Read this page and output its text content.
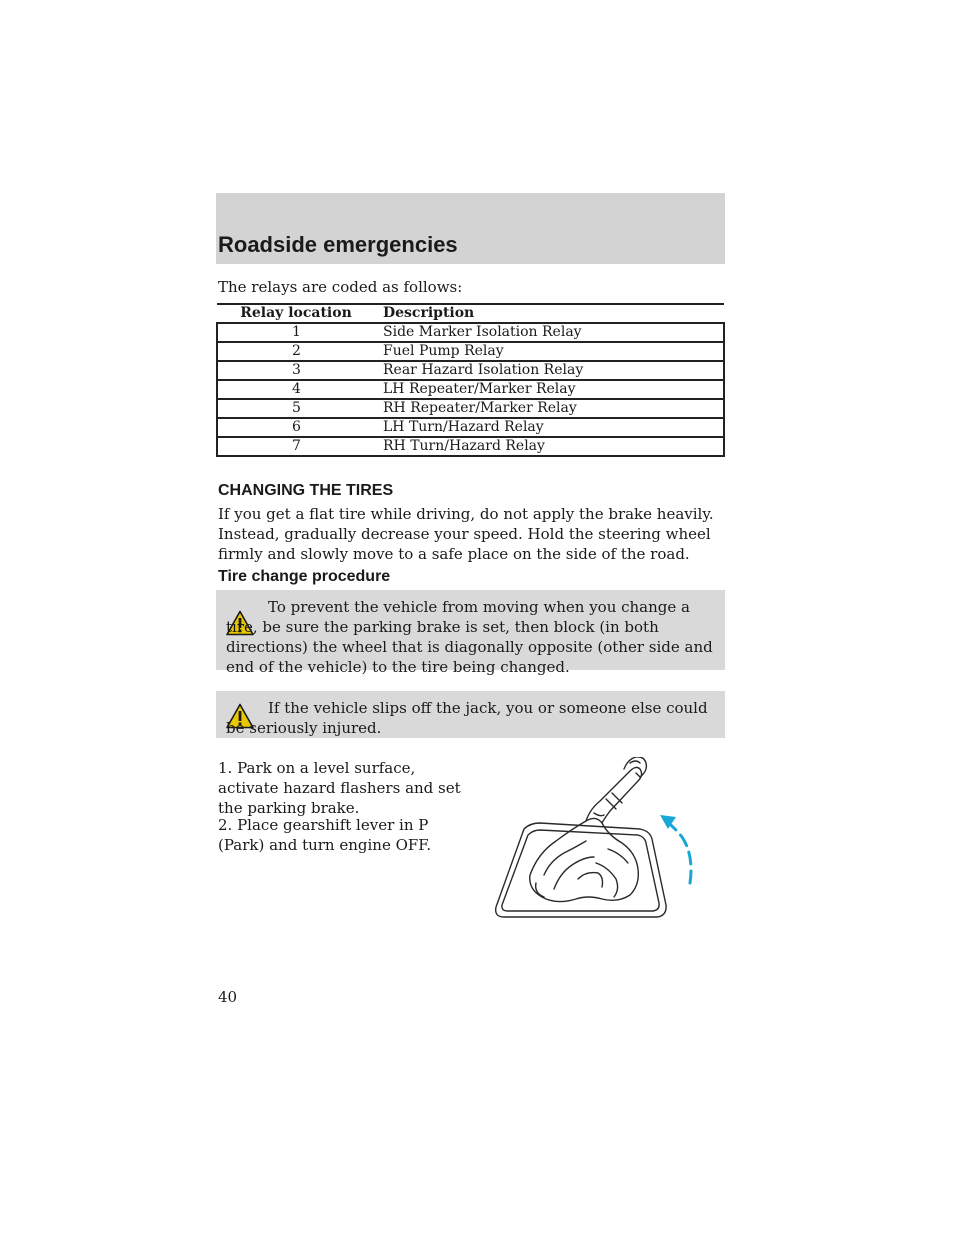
Roadside emergencies
The relays are coded as follows:
Relay location	Description
1	Side Marker Isolation Relay
2	Fuel Pump Relay
3	Rear Hazard Isolation Relay
4	LH Repeater/Marker Relay
5	RH Repeater/Marker Relay
6	LH Turn/Hazard Relay
7	RH Turn/Hazard Relay
CHANGING THE TIRES
If you get a flat tire while driving, do not apply the brake heavily. Instead, gradually decrease your speed. Hold the steering wheel firmly and slowly move to a safe place on the side of the road.
Tire change procedure
To prevent the vehicle from moving when you change a tire, be sure the parking brake is set, then block (in both directions) the wheel that is diagonally opposite (other side and end of the vehicle) to the tire being changed.
If the vehicle slips off the jack, you or someone else could be seriously injured.
1. Park on a level surface, activate hazard flashers and set the parking brake.
2. Place gearshift lever in P (Park) and turn engine OFF.
40
